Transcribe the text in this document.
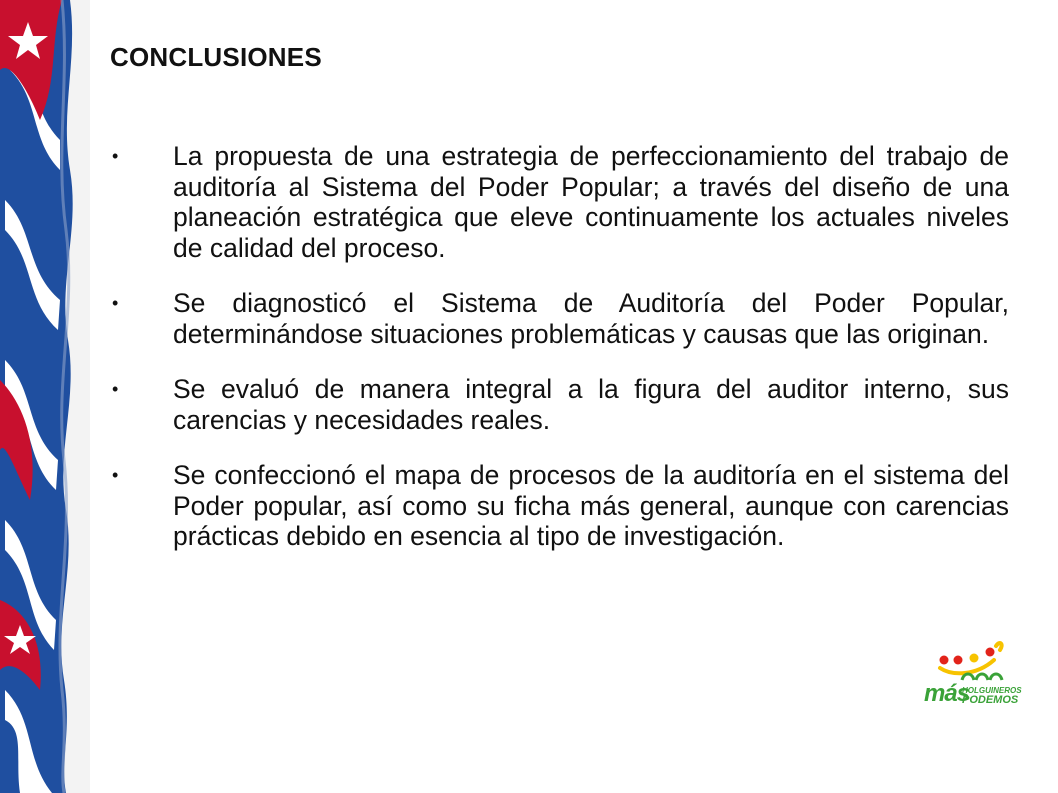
CONCLUSIONES
• La propuesta de una estrategia de perfeccionamiento del trabajo de auditoría al Sistema del Poder Popular; a través del diseño de una planeación estratégica que eleve continuamente los actuales niveles de calidad del proceso.
• Se diagnosticó el Sistema de Auditoría del Poder Popular, determinándose situaciones problemáticas y causas que las originan.
• Se evaluó de manera integral a la figura del auditor interno, sus carencias y necesidades reales.
• Se confeccionó el mapa de procesos de la auditoría en el sistema del Poder popular, así como su ficha más general, aunque con carencias prácticas debido en esencia al tipo de investigación.
más
HOLGUINEROS
PODEMOS
